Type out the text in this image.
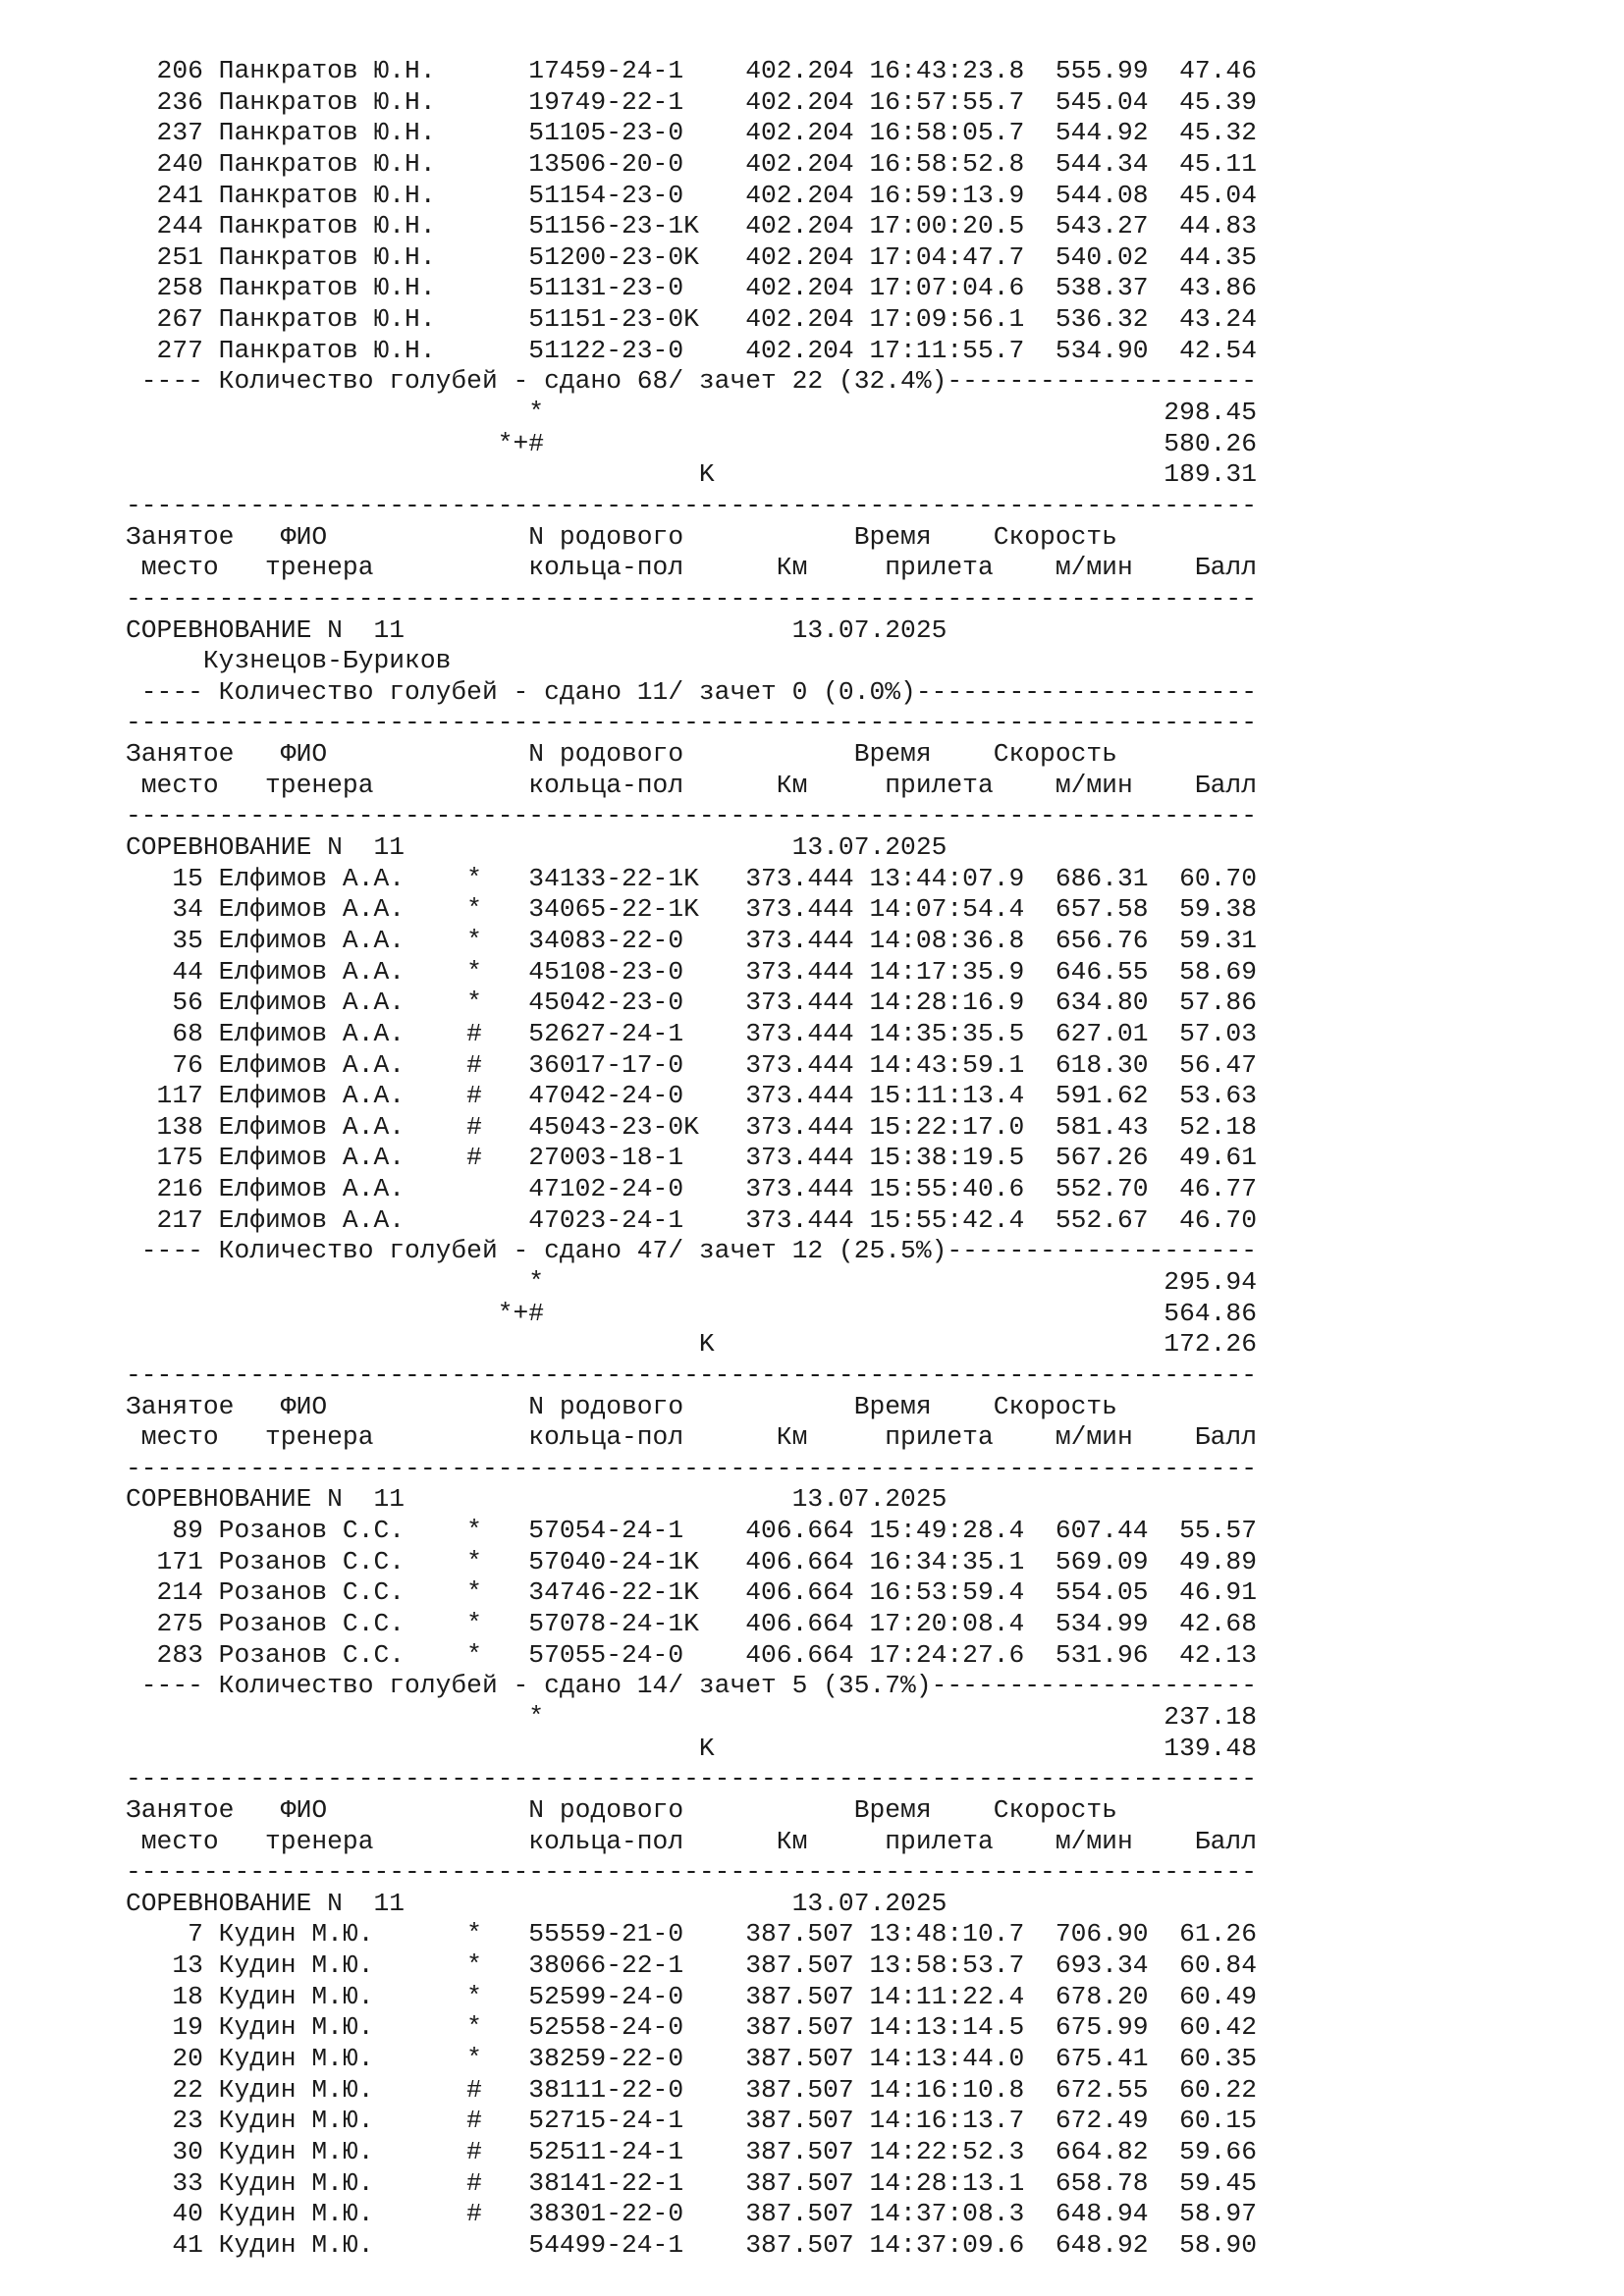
206 Панкратов Ю.Н.      17459-24-1    402.204 16:43:23.8  555.99  47.46
236 Панкратов Ю.Н.      19749-22-1    402.204 16:57:55.7  545.04  45.39
237 Панкратов Ю.Н.      51105-23-0    402.204 16:58:05.7  544.92  45.32
240 Панкратов Ю.Н.      13506-20-0    402.204 16:58:52.8  544.34  45.11
241 Панкратов Ю.Н.      51154-23-0    402.204 16:59:13.9  544.08  45.04
244 Панкратов Ю.Н.      51156-23-1K   402.204 17:00:20.5  543.27  44.83
251 Панкратов Ю.Н.      51200-23-0K   402.204 17:04:47.7  540.02  44.35
258 Панкратов Ю.Н.      51131-23-0    402.204 17:07:04.6  538.37  43.86
267 Панкратов Ю.Н.      51151-23-0K   402.204 17:09:56.1  536.32  43.24
277 Панкратов Ю.Н.      51122-23-0    402.204 17:11:55.7  534.90  42.54
---- Количество голубей - сдано 68/ зачет 22 (32.4%)--------------------
*                                        298.45
*+#                                        580.26
K                             189.31
-------------------------------------------------------------------------
Занятое   ФИО             N родового           Время    Скорость
место   тренера          кольца-пол      Км     прилета    м/мин    Балл
-------------------------------------------------------------------------
СОРЕВНОВАНИЕ N  11                         13.07.2025
Кузнецов-Буриков
---- Количество голубей - сдано 11/ зачет 0 (0.0%)----------------------
-------------------------------------------------------------------------
Занятое   ФИО             N родового           Время    Скорость
место   тренера          кольца-пол      Км     прилета    м/мин    Балл
-------------------------------------------------------------------------
СОРЕВНОВАНИЕ N  11                         13.07.2025
15 Елфимов А.А.    *   34133-22-1K   373.444 13:44:07.9  686.31  60.70
34 Елфимов А.А.    *   34065-22-1K   373.444 14:07:54.4  657.58  59.38
35 Елфимов А.А.    *   34083-22-0    373.444 14:08:36.8  656.76  59.31
44 Елфимов А.А.    *   45108-23-0    373.444 14:17:35.9  646.55  58.69
56 Елфимов А.А.    *   45042-23-0    373.444 14:28:16.9  634.80  57.86
68 Елфимов А.А.    #   52627-24-1    373.444 14:35:35.5  627.01  57.03
76 Елфимов А.А.    #   36017-17-0    373.444 14:43:59.1  618.30  56.47
117 Елфимов А.А.    #   47042-24-0    373.444 15:11:13.4  591.62  53.63
138 Елфимов А.А.    #   45043-23-0K   373.444 15:22:17.0  581.43  52.18
175 Елфимов А.А.    #   27003-18-1    373.444 15:38:19.5  567.26  49.61
216 Елфимов А.А.        47102-24-0    373.444 15:55:40.6  552.70  46.77
217 Елфимов А.А.        47023-24-1    373.444 15:55:42.4  552.67  46.70
---- Количество голубей - сдано 47/ зачет 12 (25.5%)--------------------
*                                        295.94
*+#                                        564.86
K                             172.26
-------------------------------------------------------------------------
Занятое   ФИО             N родового           Время    Скорость
место   тренера          кольца-пол      Км     прилета    м/мин    Балл
-------------------------------------------------------------------------
СОРЕВНОВАНИЕ N  11                         13.07.2025
89 Розанов С.С.    *   57054-24-1    406.664 15:49:28.4  607.44  55.57
171 Розанов С.С.    *   57040-24-1K   406.664 16:34:35.1  569.09  49.89
214 Розанов С.С.    *   34746-22-1K   406.664 16:53:59.4  554.05  46.91
275 Розанов С.С.    *   57078-24-1K   406.664 17:20:08.4  534.99  42.68
283 Розанов С.С.    *   57055-24-0    406.664 17:24:27.6  531.96  42.13
---- Количество голубей - сдано 14/ зачет 5 (35.7%)---------------------
*                                        237.18
K                             139.48
-------------------------------------------------------------------------
Занятое   ФИО             N родового           Время    Скорость
место   тренера          кольца-пол      Км     прилета    м/мин    Балл
-------------------------------------------------------------------------
СОРЕВНОВАНИЕ N  11                         13.07.2025
7 Кудин М.Ю.      *   55559-21-0    387.507 13:48:10.7  706.90  61.26
13 Кудин М.Ю.      *   38066-22-1    387.507 13:58:53.7  693.34  60.84
18 Кудин М.Ю.      *   52599-24-0    387.507 14:11:22.4  678.20  60.49
19 Кудин М.Ю.      *   52558-24-0    387.507 14:13:14.5  675.99  60.42
20 Кудин М.Ю.      *   38259-22-0    387.507 14:13:44.0  675.41  60.35
22 Кудин М.Ю.      #   38111-22-0    387.507 14:16:10.8  672.55  60.22
23 Кудин М.Ю.      #   52715-24-1    387.507 14:16:13.7  672.49  60.15
30 Кудин М.Ю.      #   52511-24-1    387.507 14:22:52.3  664.82  59.66
33 Кудин М.Ю.      #   38141-22-1    387.507 14:28:13.1  658.78  59.45
40 Кудин М.Ю.      #   38301-22-0    387.507 14:37:08.3  648.94  58.97
41 Кудин М.Ю.          54499-24-1    387.507 14:37:09.6  648.92  58.90
